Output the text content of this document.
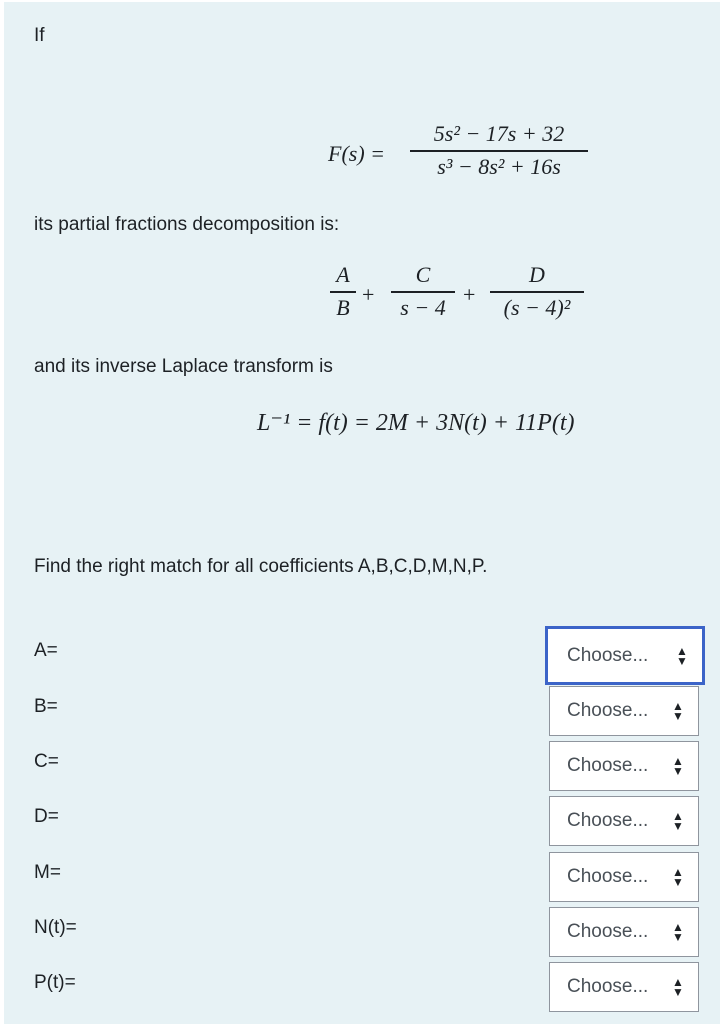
If
F(s) =
5s² − 17s + 32
s³ − 8s² + 16s
its partial fractions decomposition is:
A
B +
C
s − 4 +
D
(s − 4)²
and its inverse Laplace transform is
L⁻¹ = f(t) = 2M + 3N(t) + 11P(t)
Find the right match for all coefficients A,B,C,D,M,N,P.
A=	Choose...	▲
▼
B=	Choose...	▲
▼
C=	Choose...	▲
▼
D=	Choose...	▲
▼
M=	Choose...	▲
▼
N(t)=	Choose...	▲
▼
P(t)=	Choose...	▲
▼
